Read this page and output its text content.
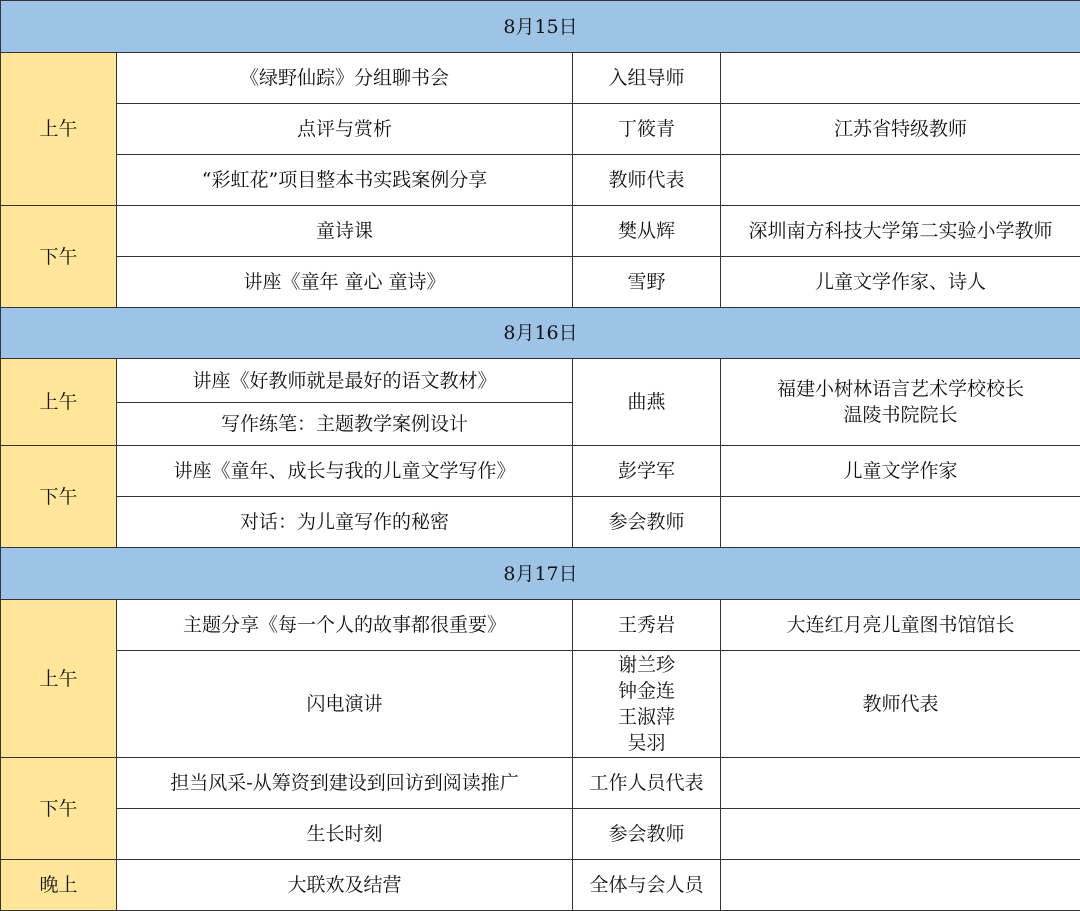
8月15日			
上午	《绿野仙踪》分组聊书会	入组导师	
	点评与赏析	丁筱青	江苏省特级教师
	“彩虹花”项目整本书实践案例分享	教师代表	
下午	童诗课	樊从辉	深圳南方科技大学第二实验小学教师
	讲座《童年 童心 童诗》	雪野	儿童文学作家、诗人
8月16日			
上午	讲座《好教师就是最好的语文教材》	曲燕	福建小树林语言艺术学校校长
温陵书院院长

	写作练笔：主题教学案例设计		
下午	讲座《童年、成长与我的儿童文学写作》	彭学军	儿童文学作家
	对话：为儿童写作的秘密	参会教师	
8月17日			
上午	主题分享《每一个人的故事都很重要》	王秀岩	大连红月亮儿童图书馆馆长
	闪电演讲	谢兰珍
钟金连
王淑萍
吴羽	教师代表
下午	担当风采-从筹资到建设到回访到阅读推广	工作人员代表	
	生长时刻	参会教师	
晚上	大联欢及结营	全体与会人员	
